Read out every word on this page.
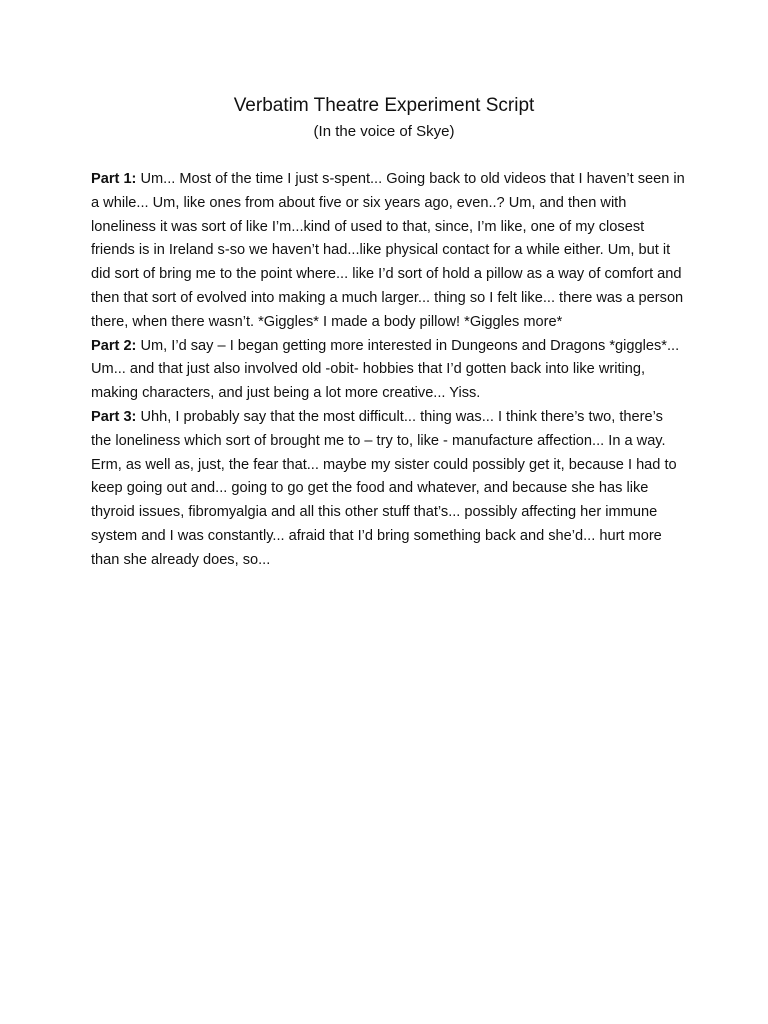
Verbatim Theatre Experiment Script
(In the voice of Skye)

Part 1: Um... Most of the time I just s-spent... Going back to old videos that I haven’t seen in a while... Um, like ones from about five or six years ago, even..? Um, and then with loneliness it was sort of like I’m...kind of used to that, since, I’m like, one of my closest friends is in Ireland s-so we haven’t had...like physical contact for a while either. Um, but it did sort of bring me to the point where... like I’d sort of hold a pillow as a way of comfort and then that sort of evolved into making a much larger... thing so I felt like... there was a person there, when there wasn’t. *Giggles* I made a body pillow! *Giggles more*

Part 2: Um, I’d say – I began getting more interested in Dungeons and Dragons *giggles*... Um... and that just also involved old -obit- hobbies that I’d gotten back into like writing, making characters, and just being a lot more creative... Yiss.

Part 3: Uhh, I probably say that the most difficult... thing was... I think there’s two, there’s the loneliness which sort of brought me to – try to, like - manufacture affection... In a way. Erm, as well as, just, the fear that... maybe my sister could possibly get it, because I had to keep going out and... going to go get the food and whatever, and because she has like thyroid issues, fibromyalgia and all this other stuff that’s... possibly affecting her immune system and I was constantly... afraid that I’d bring something back and she’d... hurt more than she already does, so...
